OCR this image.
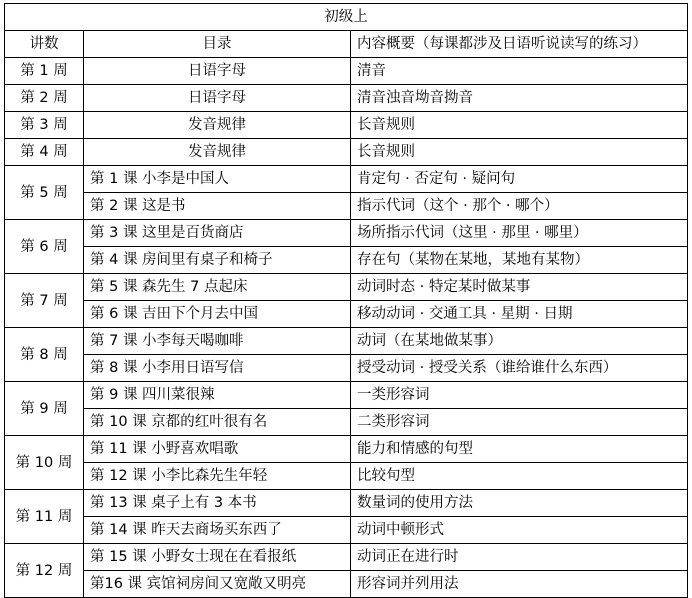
初级上		
讲数	目录	内容概要（每课都涉及日语听说读写的练习）
第 1 周	日语字母	清音
第 2 周	日语字母	清音浊音坳音拗音
第 3 周	发音规律	长音规则
第 4 周	发音规律	长音规则
第 5 周	第 1 课 小李是中国人	肯定句 · 否定句 · 疑问句
	第 2 课 这是书	指示代词（这个 · 那个 · 哪个）
第 6 周	第 3 课 这里是百货商店	场所指示代词（这里 · 那里 · 哪里）
	第 4 课 房间里有桌子和椅子	存在句（某物在某地，某地有某物）
第 7 周	第 5 课 森先生 7 点起床	动词时态 · 特定某时做某事
	第 6 课 吉田下个月去中国	移动动词 · 交通工具 · 星期 · 日期
第 8 周	第 7 课 小李每天喝咖啡	动词（在某地做某事）
	第 8 课 小李用日语写信	授受动词 · 授受关系（谁给谁什么东西）
第 9 周	第 9 课 四川菜很辣	一类形容词
	第 10 课 京都的红叶很有名	二类形容词
第 10 周	第 11 课 小野喜欢唱歌	能力和情感的句型
	第 12 课 小李比森先生年轻	比较句型
第 11 周	第 13 课 桌子上有 3 本书	数量词的使用方法
	第 14 课 昨天去商场买东西了	动词中顿形式
第 12 周	第 15 课 小野女士现在在看报纸	动词正在进行时
	第16 课 宾馆祠房间又宽敞又明亮	形容词并列用法
